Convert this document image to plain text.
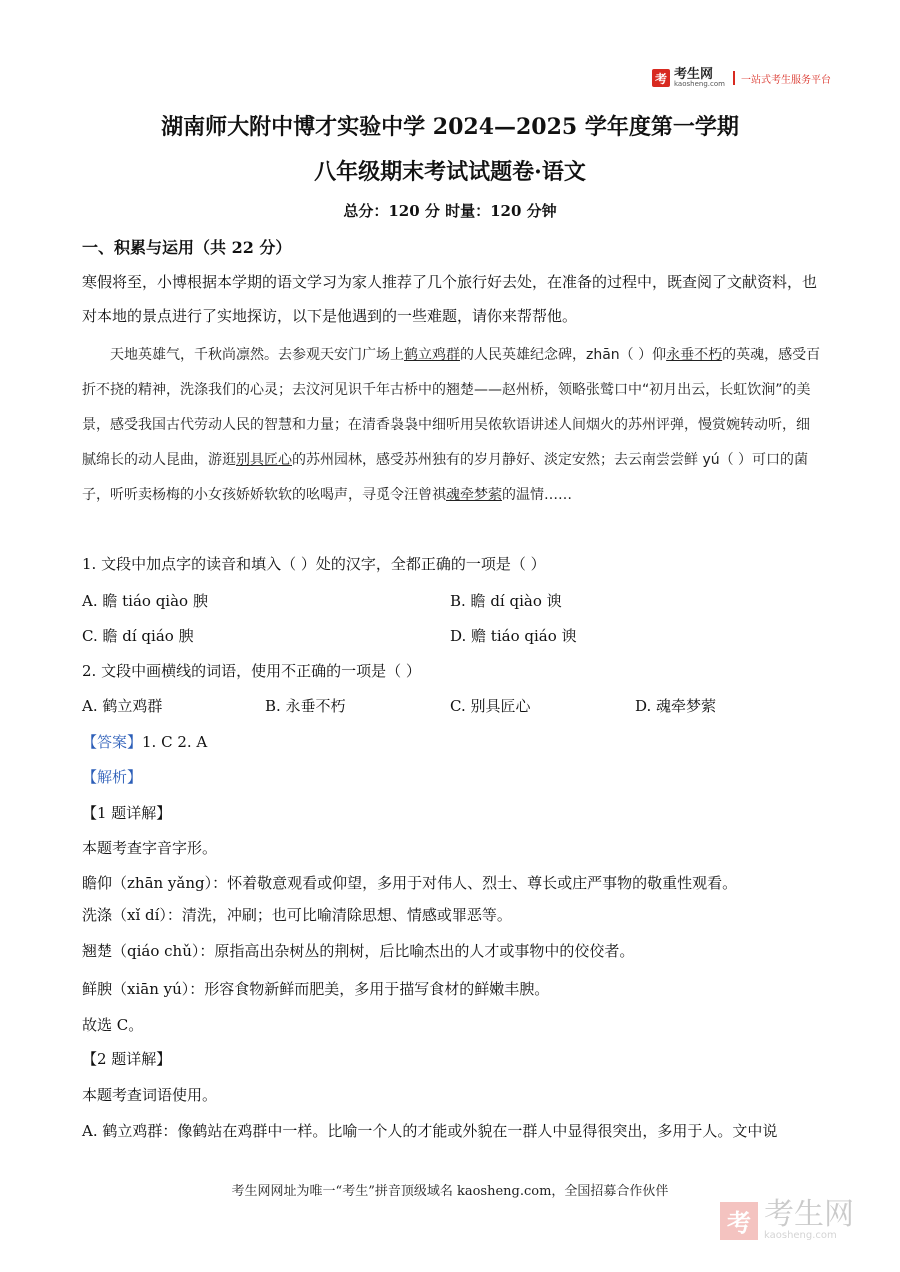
考 考生网
kaosheng.com 一站式考生服务平台
湖南师大附中博才实验中学 2024—2025 学年度第一学期
八年级期末考试试题卷·语文
总分：120 分 时量：120 分钟
一、积累与运用（共 22 分）
寒假将至，小博根据本学期的语文学习为家人推荐了几个旅行好去处，在准备的过程中，既查阅了文献资料，也对本地的景点进行了实地探访，以下是他遇到的一些难题，请你来帮帮他。
天地英雄气，千秋尚凛然。去参观天安门广场上鹤立鸡群的人民英雄纪念碑，zhān（ ）仰永垂不朽的英魂，感受百折不挠的精神，洗涤我们的心灵；去汶河见识千年古桥中的翘楚——赵州桥，领略张鹫口中“初月出云，长虹饮涧”的美景，感受我国古代劳动人民的智慧和力量；在清香袅袅中细听用吴侬软语讲述人间烟火的苏州评弹，慢赏婉转动听，细腻绵长的动人昆曲，游逛别具匠心的苏州园林，感受苏州独有的岁月静好、淡定安然；去云南尝尝鲜 yú（ ）可口的菌子，听听卖杨梅的小女孩娇娇软软的吆喝声，寻觅令汪曾祺魂牵梦萦的温情……
1. 文段中加点字的读音和填入（ ）处的汉字，全都正确的一项是（ ）
A. 瞻 tiáo qiào 腴	B. 瞻 dí qiào 谀
C. 瞻 dí qiáo 腴	D. 赡 tiáo qiáo 谀
2. 文段中画横线的词语，使用不正确的一项是（ ）
A. 鹤立鸡群	B. 永垂不朽	C. 别具匠心	D. 魂牵梦萦
【答案】1. C 2. A
【解析】
【1 题详解】
本题考查字音字形。
瞻仰（zhān yǎng）：怀着敬意观看或仰望，多用于对伟人、烈士、尊长或庄严事物的敬重性观看。
洗涤（xǐ dí）：清洗，冲刷；也可比喻清除思想、情感或罪恶等。
翘楚（qiáo chǔ）：原指高出杂树丛的荆树，后比喻杰出的人才或事物中的佼佼者。
鲜腴（xiān yú）：形容食物新鲜而肥美，多用于描写食材的鲜嫩丰腴。
故选 C。
【2 题详解】
本题考查词语使用。
A. 鹤立鸡群：像鹤站在鸡群中一样。比喻一个人的才能或外貌在一群人中显得很突出，多用于人。文中说
考生网网址为唯一“考生”拼音顶级域名 kaosheng.com，全国招募合作伙伴
考 考生网
kaosheng.com
